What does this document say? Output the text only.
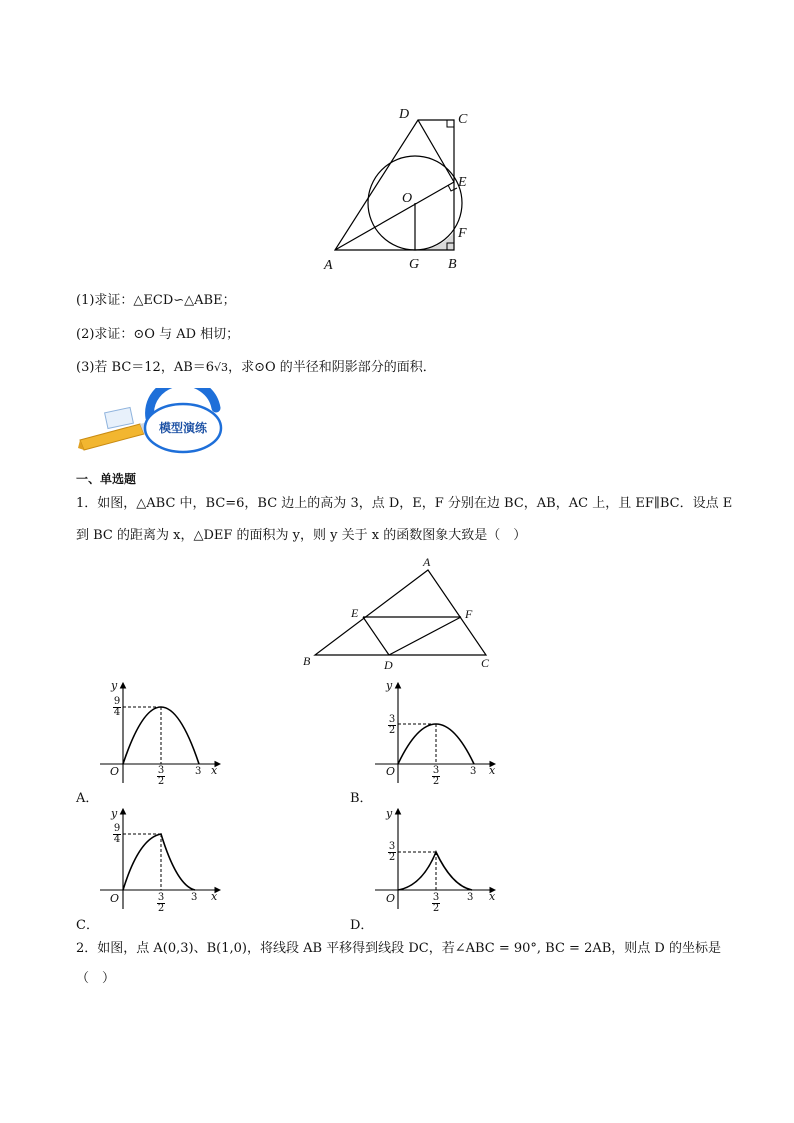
D	C
E
O
F
A	G B
(1)求证：△ECD∽△ABE；
(2)求证：⊙O 与 AD 相切；
(3)若 BC＝12，AB＝6√3，求⊙O 的半径和阴影部分的面积．
模型演练
一、单选题
1．如图，△ABC 中，BC=6，BC 边上的高为 3，点 D，E，F 分别在边 BC，AB，AC 上，且 EF∥BC．设点 E
到 BC 的距离为 x，△DEF 的面积为 y，则 y 关于 x 的函数图象大致是（　）
A
E	F
B	D	C
y
x
O
9
4
3
2
3
A．
y
x
O
3
2
3
2
3
B．
y
x
O
9
4
3
2
3
C．
y
x
O
3
2
3
2
3
D．
2．如图，点 A(0,3)、B(1,0)，将线段 AB 平移得到线段 DC，若∠ABC = 90°, BC = 2AB，则点 D 的坐标是
（　）
